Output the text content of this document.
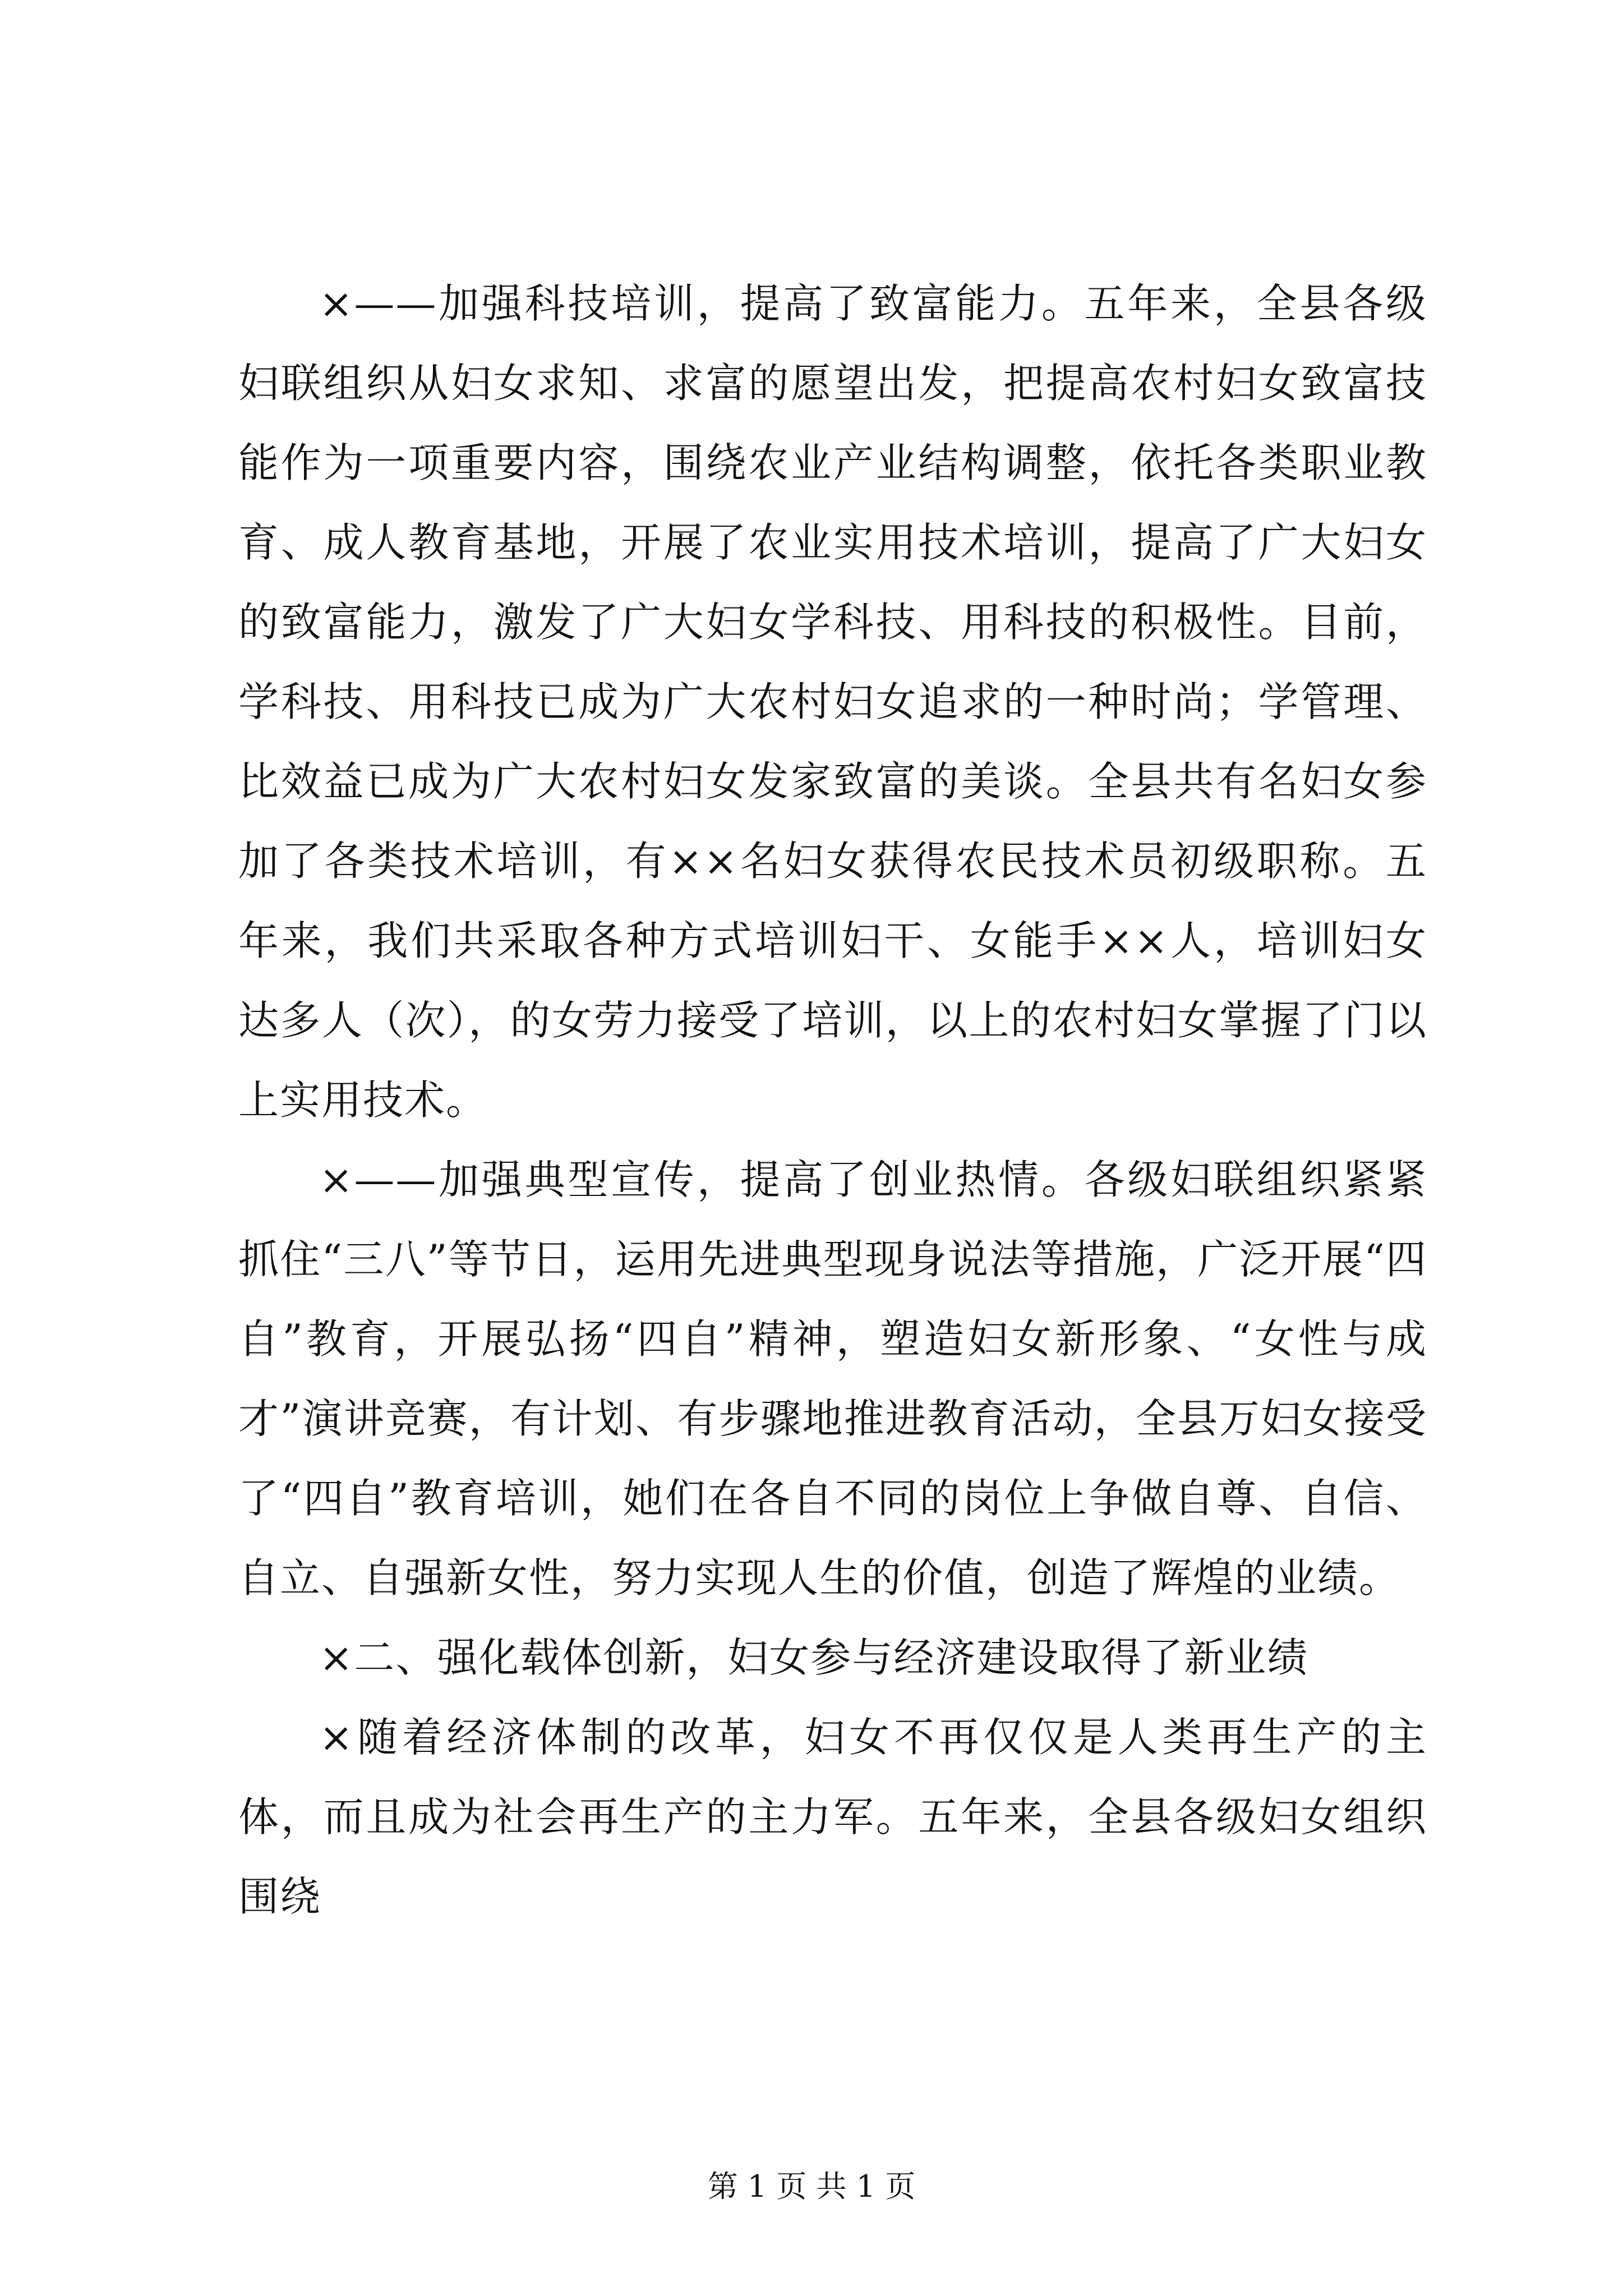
×——加强科技培训，提高了致富能力。五年来，全县各级妇联组织从妇女求知、求富的愿望出发，把提高农村妇女致富技能作为一项重要内容，围绕农业产业结构调整，依托各类职业教育、成人教育基地，开展了农业实用技术培训，提高了广大妇女的致富能力，激发了广大妇女学科技、用科技的积极性。目前，学科技、用科技已成为广大农村妇女追求的一种时尚；学管理、比效益已成为广大农村妇女发家致富的美谈。全县共有名妇女参加了各类技术培训，有××名妇女获得农民技术员初级职称。五年来，我们共采取各种方式培训妇干、女能手××人，培训妇女达多人（次），的女劳力接受了培训，以上的农村妇女掌握了门以上实用技术。

×——加强典型宣传，提高了创业热情。各级妇联组织紧紧抓住“三八”等节日，运用先进典型现身说法等措施，广泛开展“四自”教育，开展弘扬“四自”精神，塑造妇女新形象、“女性与成才”演讲竞赛，有计划、有步骤地推进教育活动，全县万妇女接受了“四自”教育培训，她们在各自不同的岗位上争做自尊、自信、自立、自强新女性，努力实现人生的价值，创造了辉煌的业绩。

×二、强化载体创新，妇女参与经济建设取得了新业绩

×随着经济体制的改革，妇女不再仅仅是人类再生产的主体，而且成为社会再生产的主力军。五年来，全县各级妇女组织围绕

第 1 页 共 1 页
